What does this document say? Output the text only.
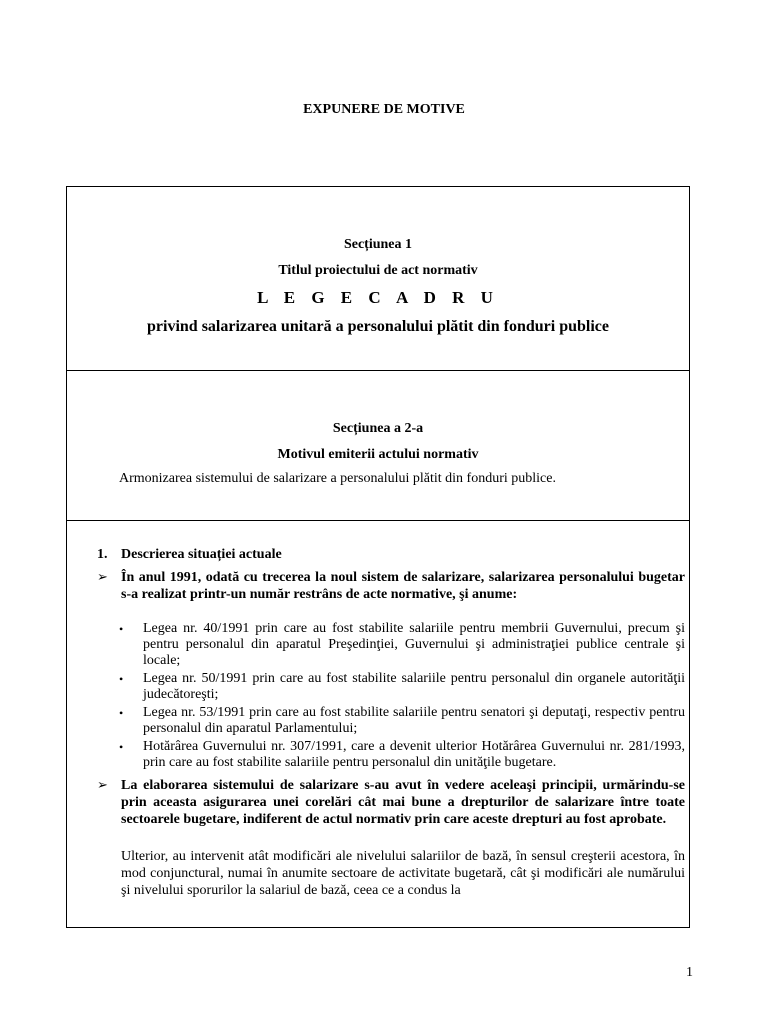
EXPUNERE DE MOTIVE
Secțiunea 1
Titlul proiectului de act normativ
L E G E C A D R U
privind salarizarea unitară a personalului plătit din fonduri publice
Secțiunea a 2-a
Motivul emiterii actului normativ
Armonizarea sistemului de salarizare a personalului plătit din fonduri publice.
1. Descrierea situației actuale
➢ În anul 1991, odată cu trecerea la noul sistem de salarizare, salarizarea personalului bugetar s-a realizat printr-un număr restrâns de acte normative, şi anume:
•	Legea nr. 40/1991 prin care au fost stabilite salariile pentru membrii Guvernului, precum şi pentru personalul din aparatul Preşedinţiei, Guvernului şi administraţiei publice centrale şi locale;
•	Legea nr. 50/1991 prin care au fost stabilite salariile pentru personalul din organele autorităţii judecătoreşti;
•	Legea nr. 53/1991 prin care au fost stabilite salariile pentru senatori şi deputaţi, respectiv pentru personalul din aparatul Parlamentului;
•	Hotărârea Guvernului nr. 307/1991, care a devenit ulterior Hotărârea Guvernului nr. 281/1993, prin care au fost stabilite salariile pentru personalul din unităţile bugetare.
➢ La elaborarea sistemului de salarizare s-au avut în vedere aceleaşi principii, urmărindu-se prin aceasta asigurarea unei corelări cât mai bune a drepturilor de salarizare între toate sectoarele bugetare, indiferent de actul normativ prin care aceste drepturi au fost aprobate.
Ulterior, au intervenit atât modificări ale nivelului salariilor de bază, în sensul creşterii acestora, în mod conjunctural, numai în anumite sectoare de activitate bugetară, cât şi modificări ale numărului şi nivelului sporurilor la salariul de bază, ceea ce a condus la
1
